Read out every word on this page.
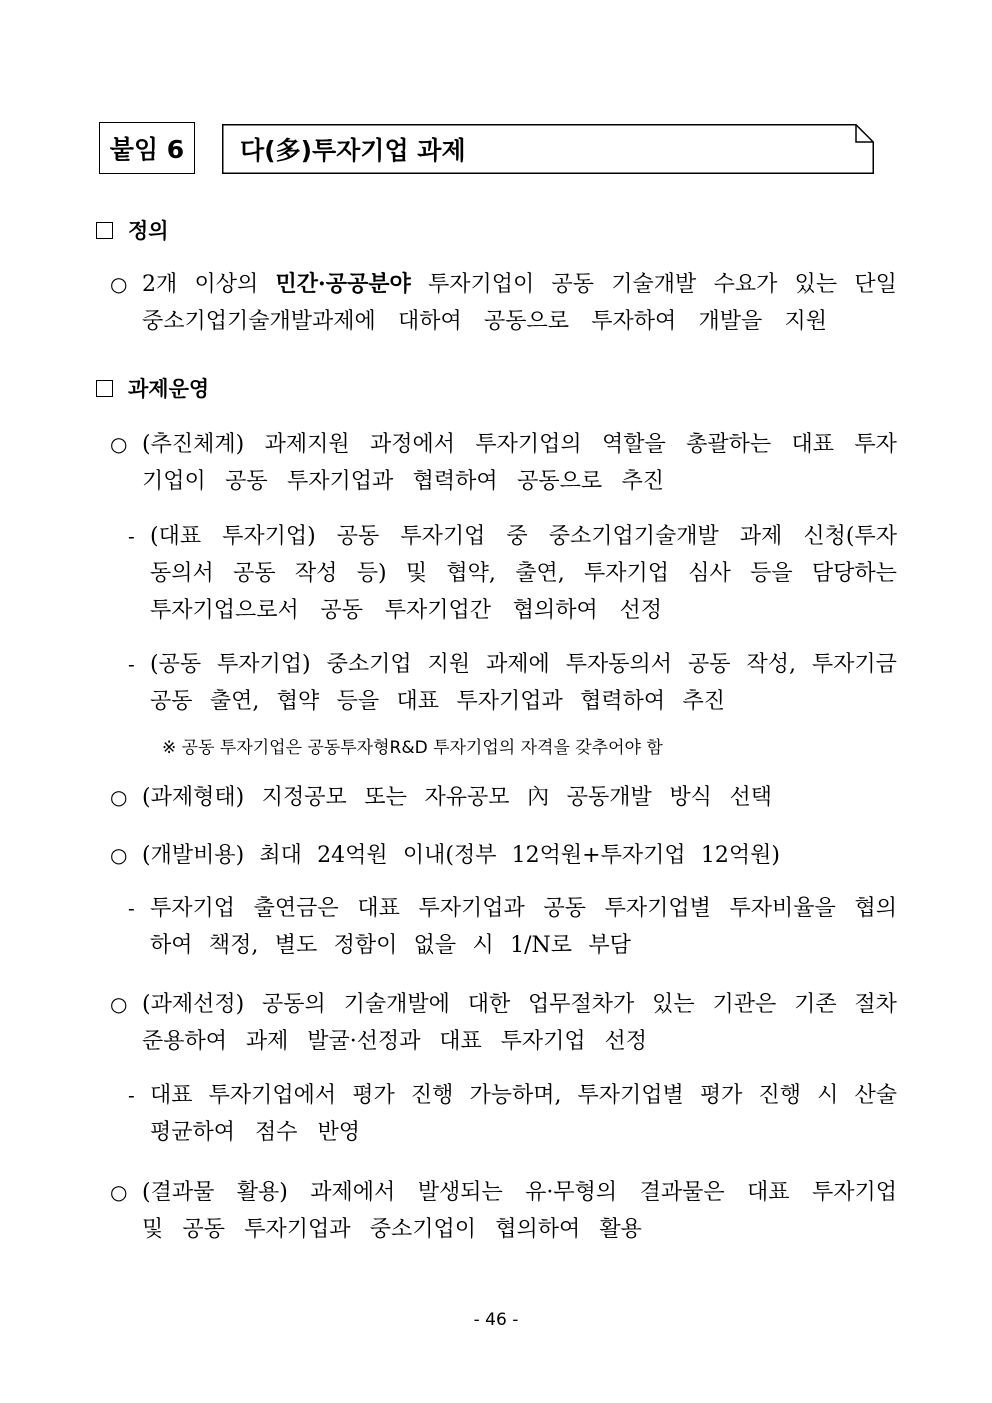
붙임 6 다(多)투자기업 과제
정의
○ 2개 이상의 민간·공공분야 투자기업이 공동 기술개발 수요가 있는 단일
중소기업기술개발과제에 대하여 공동으로 투자하여 개발을 지원
과제운영
○ (추진체계) 과제지원 과정에서 투자기업의 역할을 총괄하는 대표 투자
기업이 공동 투자기업과 협력하여 공동으로 추진
- (대표 투자기업) 공동 투자기업 중 중소기업기술개발 과제 신청(투자
동의서 공동 작성 등) 및 협약, 출연, 투자기업 심사 등을 담당하는
투자기업으로서 공동 투자기업간 협의하여 선정
- (공동 투자기업) 중소기업 지원 과제에 투자동의서 공동 작성, 투자기금
공동 출연, 협약 등을 대표 투자기업과 협력하여 추진
※ 공동 투자기업은 공동투자형R&D 투자기업의 자격을 갖추어야 함
○ (과제형태) 지정공모 또는 자유공모 內 공동개발 방식 선택
○ (개발비용) 최대 24억원 이내(정부 12억원+투자기업 12억원)
- 투자기업 출연금은 대표 투자기업과 공동 투자기업별 투자비율을 협의
하여 책정, 별도 정함이 없을 시 1/N로 부담
○ (과제선정) 공동의 기술개발에 대한 업무절차가 있는 기관은 기존 절차
준용하여 과제 발굴·선정과 대표 투자기업 선정
- 대표 투자기업에서 평가 진행 가능하며, 투자기업별 평가 진행 시 산술
평균하여 점수 반영
○ (결과물 활용) 과제에서 발생되는 유·무형의 결과물은 대표 투자기업
및 공동 투자기업과 중소기업이 협의하여 활용
- 46 -
